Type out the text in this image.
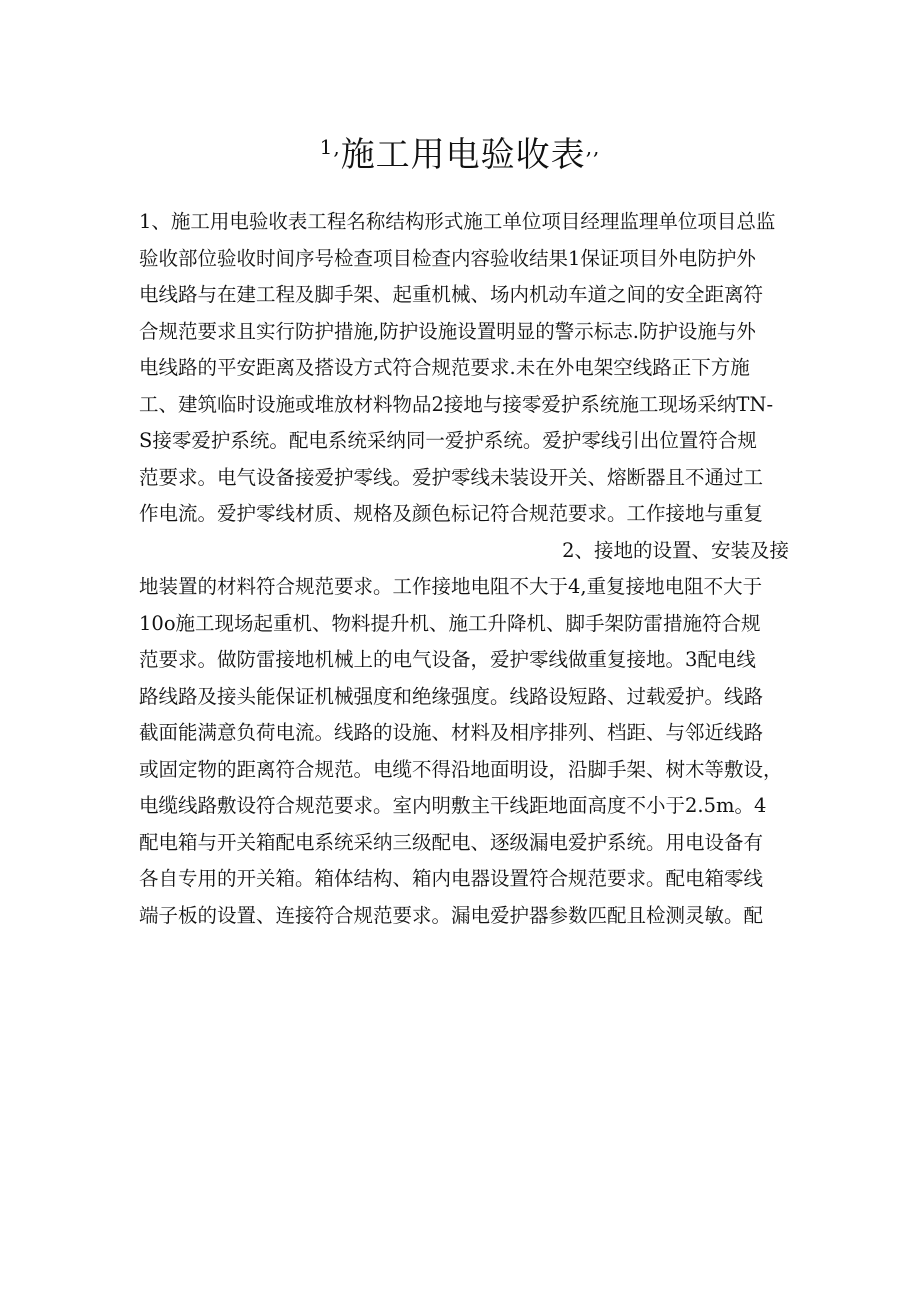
$^{1,}$施工用电验收表,,
1、施工用电验收表工程名称结构形式施工单位项目经理监理单位项目总监
验收部位验收时间序号检查项目检查内容验收结果1保证项目外电防护外
电线路与在建工程及脚手架、起重机械、场内机动车道之间的安全距离符
合规范要求且实行防护措施,防护设施设置明显的警示标志.防护设施与外
电线路的平安距离及搭设方式符合规范要求.未在外电架空线路正下方施
工、建筑临时设施或堆放材料物品2接地与接零爱护系统施工现场采纳TN-
S接零爱护系统。配电系统采纳同一爱护系统。爱护零线引出位置符合规
范要求。电气设备接爱护零线。爱护零线未装设开关、熔断器且不通过工
作电流。爱护零线材质、规格及颜色标记符合规范要求。工作接地与重复
2、接地的设置、安装及接
地装置的材料符合规范要求。工作接地电阻不大于4,重复接地电阻不大于
10o施工现场起重机、物料提升机、施工升降机、脚手架防雷措施符合规
范要求。做防雷接地机械上的电气设备，爱护零线做重复接地。3配电线
路线路及接头能保证机械强度和绝缘强度。线路设短路、过载爱护。线路
截面能满意负荷电流。线路的设施、材料及相序排列、档距、与邻近线路
或固定物的距离符合规范。电缆不得沿地面明设，沿脚手架、树木等敷设，
电缆线路敷设符合规范要求。室内明敷主干线距地面高度不小于2.5m。4
配电箱与开关箱配电系统采纳三级配电、逐级漏电爱护系统。用电设备有
各自专用的开关箱。箱体结构、箱内电器设置符合规范要求。配电箱零线
端子板的设置、连接符合规范要求。漏电爱护器参数匹配且检测灵敏。配
